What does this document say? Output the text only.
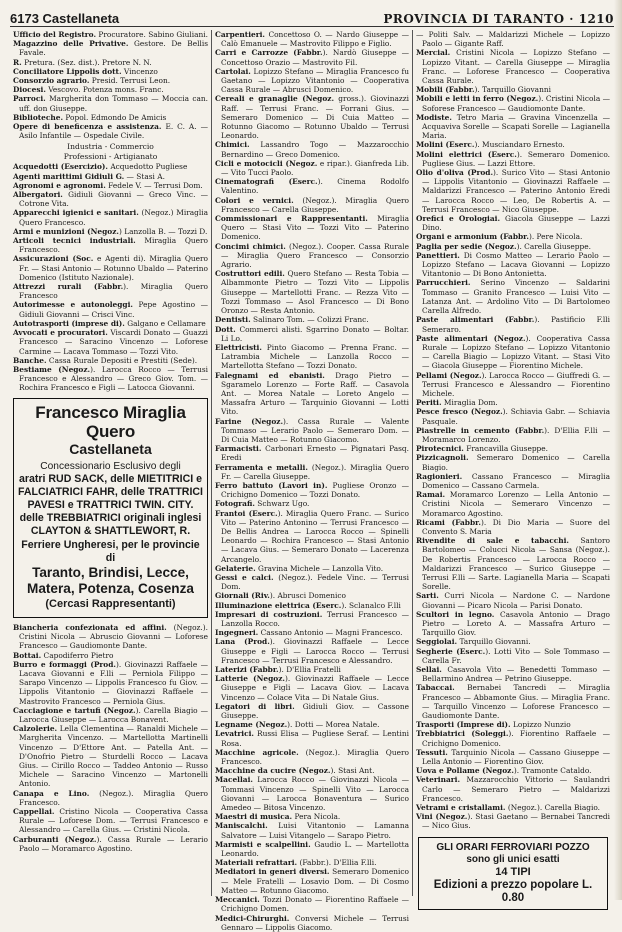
6173 Castellaneta	PROVINCIA DI TARANTO · 1210

Ufficio del Registro. Procuratore. Sabino Giuliani.

Magazzino delle Privative. Gestore. De Bellis Favale.

R. Pretura. (Sez. dist.). Pretore N. N.

Conciliatore Lippolis dott. Vincenzo

Consorzio agrario. Presid. Terrusi Leon.

Diocesi. Vescovo. Potenza mons. Franc.

Parroci. Margherita don Tommaso — Moccia can. uff. don Giuseppe.

Biblioteche. Popol. Edmondo De Amicis

Opere di beneficenza e assistenza. E. C. A. — Asilo Infantile — Ospedale Civile.

Industria - Commercio
Professioni - Artigianato

Acquedotti (Esercizio). Acquedotto Pugliese

Agenti marittimi Gidiuli G. — Stasi A.

Agronomi e agronomi. Fedele V. — Terrusi Dom.

Albergatori. Gidiuli Giovanni — Greco Vinc. — Cotrone Vita.

Apparecchi igienici e sanitari. (Negoz.) Miraglia Quero Francesco.

Armi e munizioni (Negoz.) Lanzolla B. — Tozzi D.

Articoli tecnici industriali. Miraglia Quero Francesco.

Assicurazioni (Soc. e Agenti di). Miraglia Quero Fr. — Stasi Antonio — Rotunno Ubaldo — Paterino Domenico (Istituto Nazionale).

Attrezzi rurali (Fabbr.). Miraglia Quero Francesco

Autorimesse e autonoleggi. Pepe Agostino — Gidiuli Giovanni — Crisci Vinc.

Autotrasporti (imprese di). Galgano e Cellamare

Avvocati e procuratori. Viscardi Donato — Guazzi Francesco — Saracino Vincenzo — Loforese Carmine — Lacava Tommaso — Tozzi Vito.

Banche. Cassa Rurale Depositi e Prestiti (Sede).

Bestiame (Negoz.). Larocca Rocco — Terrusi Francesco e Alessandro — Greco Giov. Tom. — Rochira Francesco e Figli — Latocca Giovanni.

Francesco Miraglia Quero
Castellaneta
Concessionario Esclusivo degli
aratri RUD SACK, delle MIETITRICI e FALCIATRICI FAHR, delle TRATTRICI PAVESI e TRATTRICI TWIN. CITY. delle TREBBIATRICI originali inglesi CLAYTON & SHATTLEWORT, R. Ferriere Ungheresi, per le provincie di
Taranto, Brindisi, Lecce, Matera, Potenza, Cosenza
(Cercasi Rappresentanti)

Biancheria confezionata ed affini. (Negoz.). Cristini Nicola — Abruscio Giovanni — Loforese Francesco — Gaudiomonte Dante.

Bottai. Capodiferro Pietro

Burro e formaggi (Prod.). Giovinazzi Raffaele — Lacava Giovanni e F.lli — Perniola Filippo — Sarapo Vincenzo — Lippolis Francesco fu Giov. — Lippolis Vitantonio — Giovinazzi Raffaele — Mastrovito Francesco — Perniola Gius.

Cacciagione e tartufi (Negoz.). Carella Biagio — Larocca Giuseppe — Larocca Bonavent.

Calzolerie. Lella Clementina — Ranaldi Michele — Margherita Vincenzo. — Martellotta Martinelli Vincenzo — D'Ettore Ant. — Patella Ant. — D'Onofrio Pietro — Sturdelli Rocco — Lacava Gius. — Cirillo Rocco — Taddeo Antonio — Russo Michele — Saracino Vincenzo — Martonelli Antonio.

Canapa e Lino. (Negoz.). Miraglia Quero Francesco.

Cappellai. Cristino Nicola — Cooperativa Cassa Rurale — Loforese Dom. — Terrusi Francesco e Alessandro — Carella Gius. — Cristini Nicola.

Carburanti (Negoz.). Cassa Rurale — Lerario Paolo — Moramarco Agostino.

Carpentieri. Concettoso O. — Nardo Giuseppe — Calò Emanuele — Mastrovito Filippo e Figlio.

Carri e Carrozze (Fabbr.). Nardò Giuseppe — Concettoso Orazio — Mastrovito Fil.

Cartolai. Lopizzo Stefano — Miraglia Francesco fu Gaetano — Lopizzo Vitantonio — Cooperativa Cassa Rurale — Abrusci Domenico.

Cereali e granaglie (Negoz. gross.). Giovinazzi Raff. — Terrusi Franc. — Forrani Gius. — Semeraro Domenico — Di Cuia Matteo — Rotunno Giacomo — Rotunno Ubaldo — Terrusi Leonardo.

Chimici. Lassandro Togo — Mazzarocchio Bernardino — Greco Domenico.

Cicli e motocicli (Negoz. e ripar.). Gianfreda Lib. — Vito Tucci Paolo.

Cinematografi (Eserc.). Cinema Rodolfo Valentino.

Colori e vernici. (Negoz.). Miraglia Quero Francesco — Carella Giuseppe.

Commissionari e Rappresentanti. Miraglia Quero — Stasi Vito — Tozzi Vito — Paterino Domenico.

Concimi chimici. (Negoz.). Cooper. Cassa Rurale — Miraglia Quero Francesco — Consorzio Agrario.

Costruttori edili. Quero Stefano — Resta Tobia — Albammonte Pietro — Tozzi Vito — Lippolis Giuseppe — Martellotti Franc. — Rezza Vito — Tozzi Tommaso — Asol Francesco — Di Bono Oronzo — Resta Antonio.

Dentisti. Salinaro Tom. — Colizzi Franc.

Dott. Commerci alisti. Sgarrino Donato — Boltar. Li Lo.

Elettricisti. Pinto Giacomo — Prenna Franc. — Latrambia Michele — Lanzolla Rocco — Martellotta Stefano — Tozzi Donato.

Falegnami ed ebanisti. Drago Pietro — Sgaramelo Lorenzo — Forte Raff. — Casavola Ant. — Morea Natale — Loreto Angelo — Massafra Arturo — Tarquinio Giovanni — Lotti Vito.

Farine (Negoz.). Cassa Rurale — Valente Tommaso — Lerario Paolo — Semeraro Dom. — Di Cuia Matteo — Rotunno Giacomo.

Farmacisti. Carbonari Ernesto — Pignatari Pasq. Eredi

Ferramenta e metalli. (Negoz.). Miraglia Quero Fr. — Carella Giuseppe.

Ferro battuto (Lavori in). Pugliese Oronzo — Crichigno Domenico — Tozzi Donato.

Fotografi. Schwarz Ugo.

Frantoi (Eserc.). Miraglia Quero Franc. — Surico Vito — Paterino Antonino — Terrusi Francesco — De Bellis Andrea — Larocca Rocco — Spinelli Leonardo — Rochira Francesco — Stasi Antonio — Lacava Gius. — Semeraro Donato — Lacerenza Arcangelo.

Gelaterie. Gravina Michele — Lanzolla Vito.

Gessi e calci. (Negoz.). Fedele Vinc. — Terrusi Dom.

Giornali (Riv.). Abrusci Domenico

Illuminazione elettrica (Eserc.). Sclanalco F.lli

Impresari di costruzioni. Terrusi Francesco — Lanzolla Rocco.

Ingegneri. Cassano Antonio — Magni Francesco.

Lana (Prod.). Giovinazzi Raffaele — Lecce Giuseppe e Figli — Larocca Rocco — Terrusi Francesco — Terrusi Francesco e Alessandro.

Laterizi (Fabbr.). D'Ellia Fratelli

Latterie (Negoz.). Giovinazzi Raffaele — Lecce Giuseppe e Figli — Lacava Giov. — Lacava Vincenzo — Colace Vita — Di Natale Gius.

Legatori di libri. Gidiuli Giov. — Cassone Giuseppe.

Legname (Negoz.). Dotti — Morea Natale.

Levatrici. Russi Elisa — Pugliese Seraf. — Lentini Rosa.

Macchine agricole. (Negoz.). Miraglia Quero Francesco.

Macchine da cucire (Negoz.). Stasi Ant.

Macellai. Larocca Rocco — Giovinazzi Nicola — Tommasi Vincenzo — Spinelli Vito — Larocca Giovanni — Larocca Bonaventura — Surico Amedeo — Bitosa Vincenzo.

Maestri di musica. Pera Nicola.

Maniscalchi. Luisi Vitantonio — Lamanna Salvatore — Luisi Vitangelo — Sarapo Pietro.

Marmisti e scalpellini. Gaudio L. — Martellotta Leonardo.

Materiali refrattari. (Fabbr.). D'Ellia F.lli.

Mediatori in generi diversi. Semeraro Domenico — Mele Fratelli — Losavio Dom. — Di Cosmo Matteo — Rotunno Giacomo.

Meccanici. Tozzi Donato — Fiorentino Raffaele — Crichigno Domen.

Medici-Chirurghi. Conversi Michele — Terrusi Gennaro — Lippolis Giacomo.

— Politi Salv. — Maldarizzi Michele — Lopizzo Paolo — Gigante Raff.

Mercial. Cristini Nicola — Lopizzo Stefano — Lopizzo Vitant. — Carella Giuseppe — Miraglia Franc. — Loforese Francesco — Cooperativa Cassa Rurale.

Mobili (Fabbr.). Tarquillo Giovanni

Mobili e letti in ferro (Negoz.). Cristini Nicola — Soforese Francesco — Gaudiomonte Dante.

Modiste. Tetro Maria — Gravina Vincenzella — Acquaviva Sorelle — Scapati Sorelle — Lagianella Maria.

Molini (Eserc.). Musciandaro Ernesto.

Molini elettrici (Eserc.). Semeraro Domenico. Pugliese Gius. — Lazzi Ettore.

Olio d'oliva (Prod.). Surico Vito — Stasi Antonio — Lippolis Vitantonio — Giovinazzi Raffaele — Maldarizzi Francesco — Paterino Antonio Eredi — Larocca Rocco — Leo, De Robertis A. — Terrusi Francesco — Nico Giuseppe.

Orefici e Orologiai. Giacola Giuseppe — Lazzi Dino.

Organi e armonium (Fabbr.). Pere Nicola.

Paglia per sedie (Negoz.). Carella Giuseppe.

Panettieri. Di Cosmo Matteo — Lerario Paolo — Lopizzo Stefano — Lacava Giovanni — Lopizzo Vitantonio — Di Bono Antonietta.

Parrucchieri. Serino Vincenzo — Saldarini Tommaso — Granito Francesco — Luisi Vito — Latanza Ant. — Ardolino Vito — Di Bartolomeo Carella Alfredo.

Paste alimentari (Fabbr.). Pastificio F.lli Semeraro.

Paste alimentari (Negoz.). Cooperativa Cassa Rurale — Lopizzo Stefano — Lopizzo Vitantonio — Carella Biagio — Lopizzo Vitant. — Stasi Vito — Giacola Giuseppe — Fiorentino Michele.

Pellami (Negoz.). Larocca Rocco — Giuffredi G. — Terrusi Francesco e Alessandro — Fiorentino Michele.

Periti. Miraglia Dom.

Pesce fresco (Negoz.). Schiavia Gabr. — Schiavia Pasquale.

Piastrelle in cemento (Fabbr.). D'Ellia F.lli — Moramarco Lorenzo.

Pirotecnici. Francavilla Giuseppe.

Pizzicagnoli. Semeraro Domenico — Carella Biagio.

Ragionieri. Cassano Francesco — Miraglia Domenico — Cassano Carmela.

Ramai. Moramarco Lorenzo — Lella Antonio — Cristini Nicola — Semeraro Vincenzo — Moramarco Agostino.

Ricami (Fabbr.). Di Dio Maria — Suore del Convento S. Maria

Rivendite di sale e tabacchi. Santoro Bartolomeo — Colucci Nicola — Sansa (Negoz.). De Robertis Francesco — Larocca Rocco — Maldarizzi Francesco — Surico Giuseppe — Terrusi F.lli — Sarte. Lagianella Maria — Scapati Sorelle.

Sarti. Curri Nicola — Nardone C. — Nardone Giovanni — Picaro Nicola — Parisi Donato.

Scultori in legno. Casavola Antonio — Drago Pietro — Loreto A. — Massafra Arturo — Tarquillo Giov.

Seggiolai. Tarquillo Giovanni.

Segherie (Eserc.). Lotti Vito — Sole Tommaso — Carella Fr.

Sellai. Casavola Vito — Benedetti Tommaso — Bellarmino Andrea — Petrino Giuseppe.

Tabaccai. Bernabei Tancredi — Miraglia Francesco — Abbamonte Gius. — Miraglia Franc. — Tarquillo Vincenzo — Loforese Francesco — Gaudiomonte Dante.

Trasporti (Imprese di). Lopizzo Nunzio

Trebbiatrici (Soleggi.). Fiorentino Raffaele — Crichigno Domenico.

Tessuti. Tarquinio Nicola — Cassano Giuseppe — Lella Antonio — Fiorentino Giov.

Uova e Pollame (Negoz.). Tramonte Cataldo.

Veterinari. Mazzarocchio Vittorio — Saulandri Carlo — Semeraro Pietro — Maldarizzi Francesco.

Vetrami e cristallami. (Negoz.). Carella Biagio.

Vini (Negoz.). Stasi Gaetano — Bernabei Tancredi — Nico Gius.

GLI ORARI FERROVIARI POZZO
sono gli unici esatti
14 TIPI
Edizioni a prezzo popolare L. 0.80
